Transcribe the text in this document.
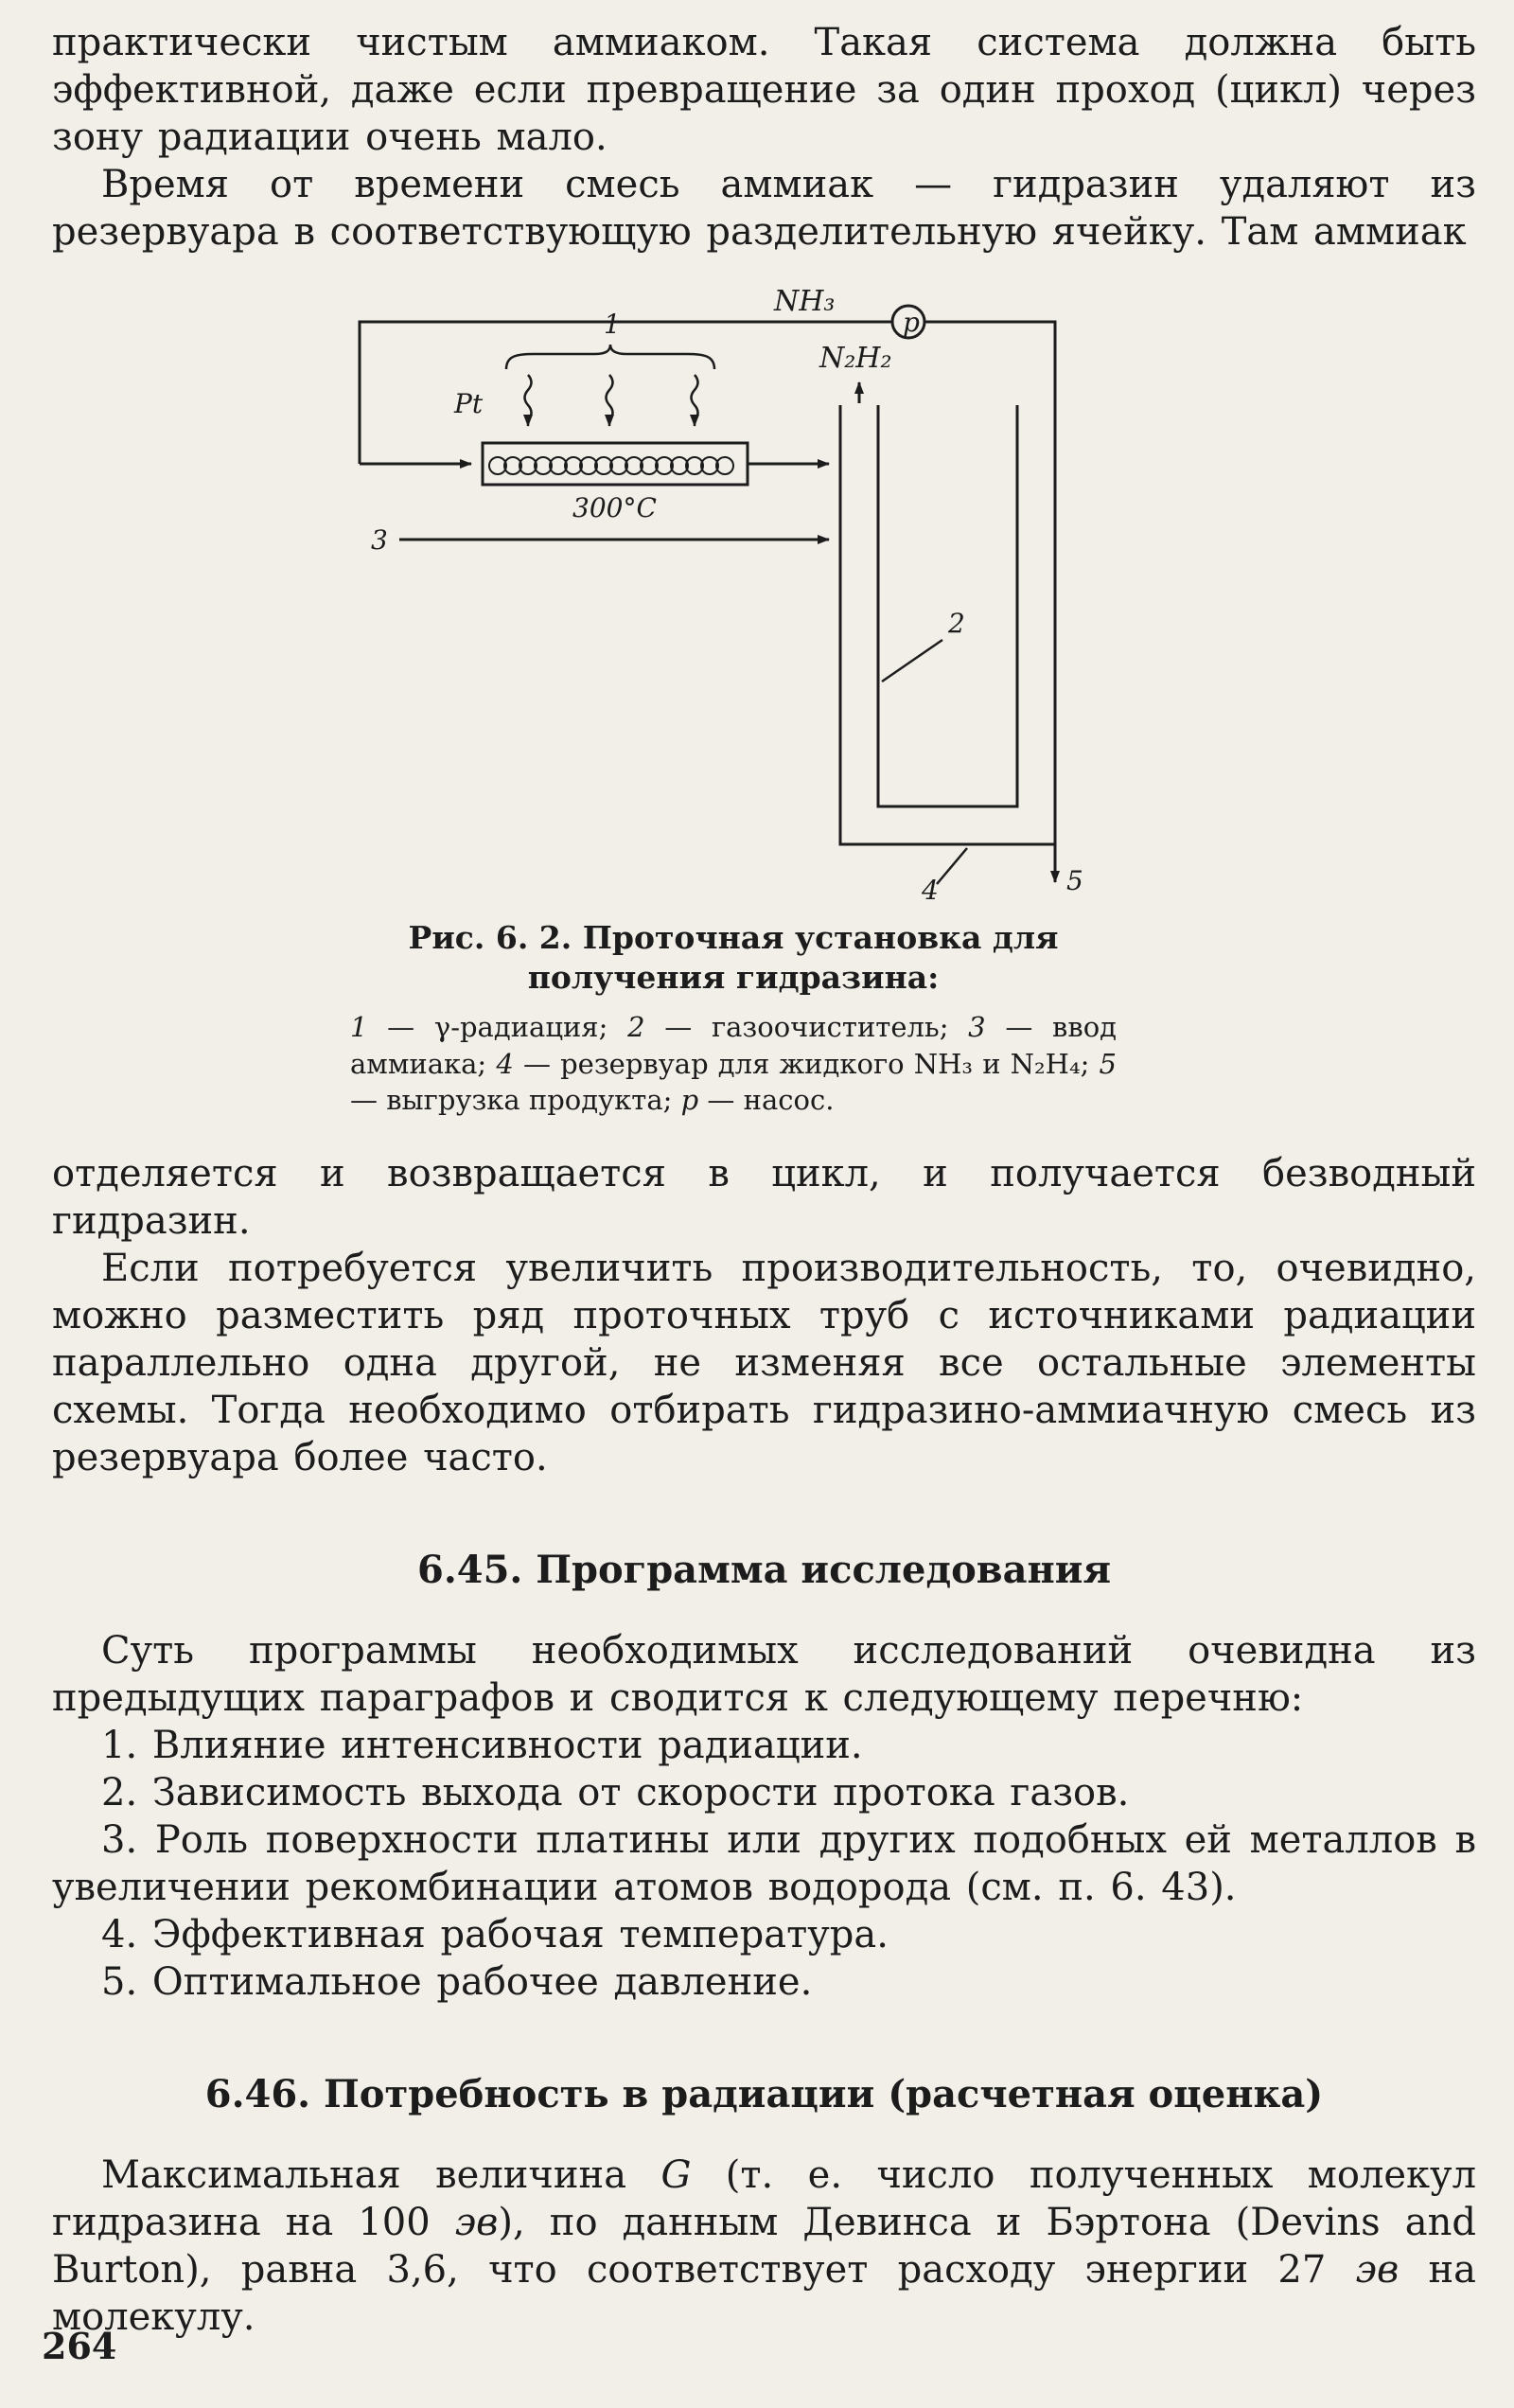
практически чистым аммиаком. Такая система должна быть эффективной, даже если превращение за один проход (цикл) через зону радиации очень мало.

Время от времени смесь аммиак — гидразин удаляют из резервуара в соответствующую разделительную ячейку. Там аммиак

NH₃
p
N₂H₂
1
Pt
300°C
2
3
4	5
Рис. 6. 2. Проточная установка для получения гидразина:
1 — γ-радиация; 2 — газоочиститель; 3 — ввод аммиака; 4 — резервуар для жидкого NH₃ и N₂H₄; 5 — выгрузка продукта; p — насос.

отделяется и возвращается в цикл, и получается безводный гидразин.

Если потребуется увеличить производительность, то, очевидно, можно разместить ряд проточных труб с источниками радиации параллельно одна другой, не изменяя все остальные элементы схемы. Тогда необходимо отбирать гидразино-аммиачную смесь из резервуара более часто.

6.45. Программа исследования

Суть программы необходимых исследований очевидна из предыдущих параграфов и сводится к следующему перечню:

1. Влияние интенсивности радиации.

2. Зависимость выхода от скорости протока газов.

3. Роль поверхности платины или других подобных ей металлов в увеличении рекомбинации атомов водорода (см. п. 6. 43).

4. Эффективная рабочая температура.

5. Оптимальное рабочее давление.

6.46. Потребность в радиации (расчетная оценка)

Максимальная величина G (т. е. число полученных молекул гидразина на 100 эв), по данным Девинса и Бэртона (Devins and Burton), равна 3,6, что соответствует расходу энергии 27 эв на молекулу.

264
